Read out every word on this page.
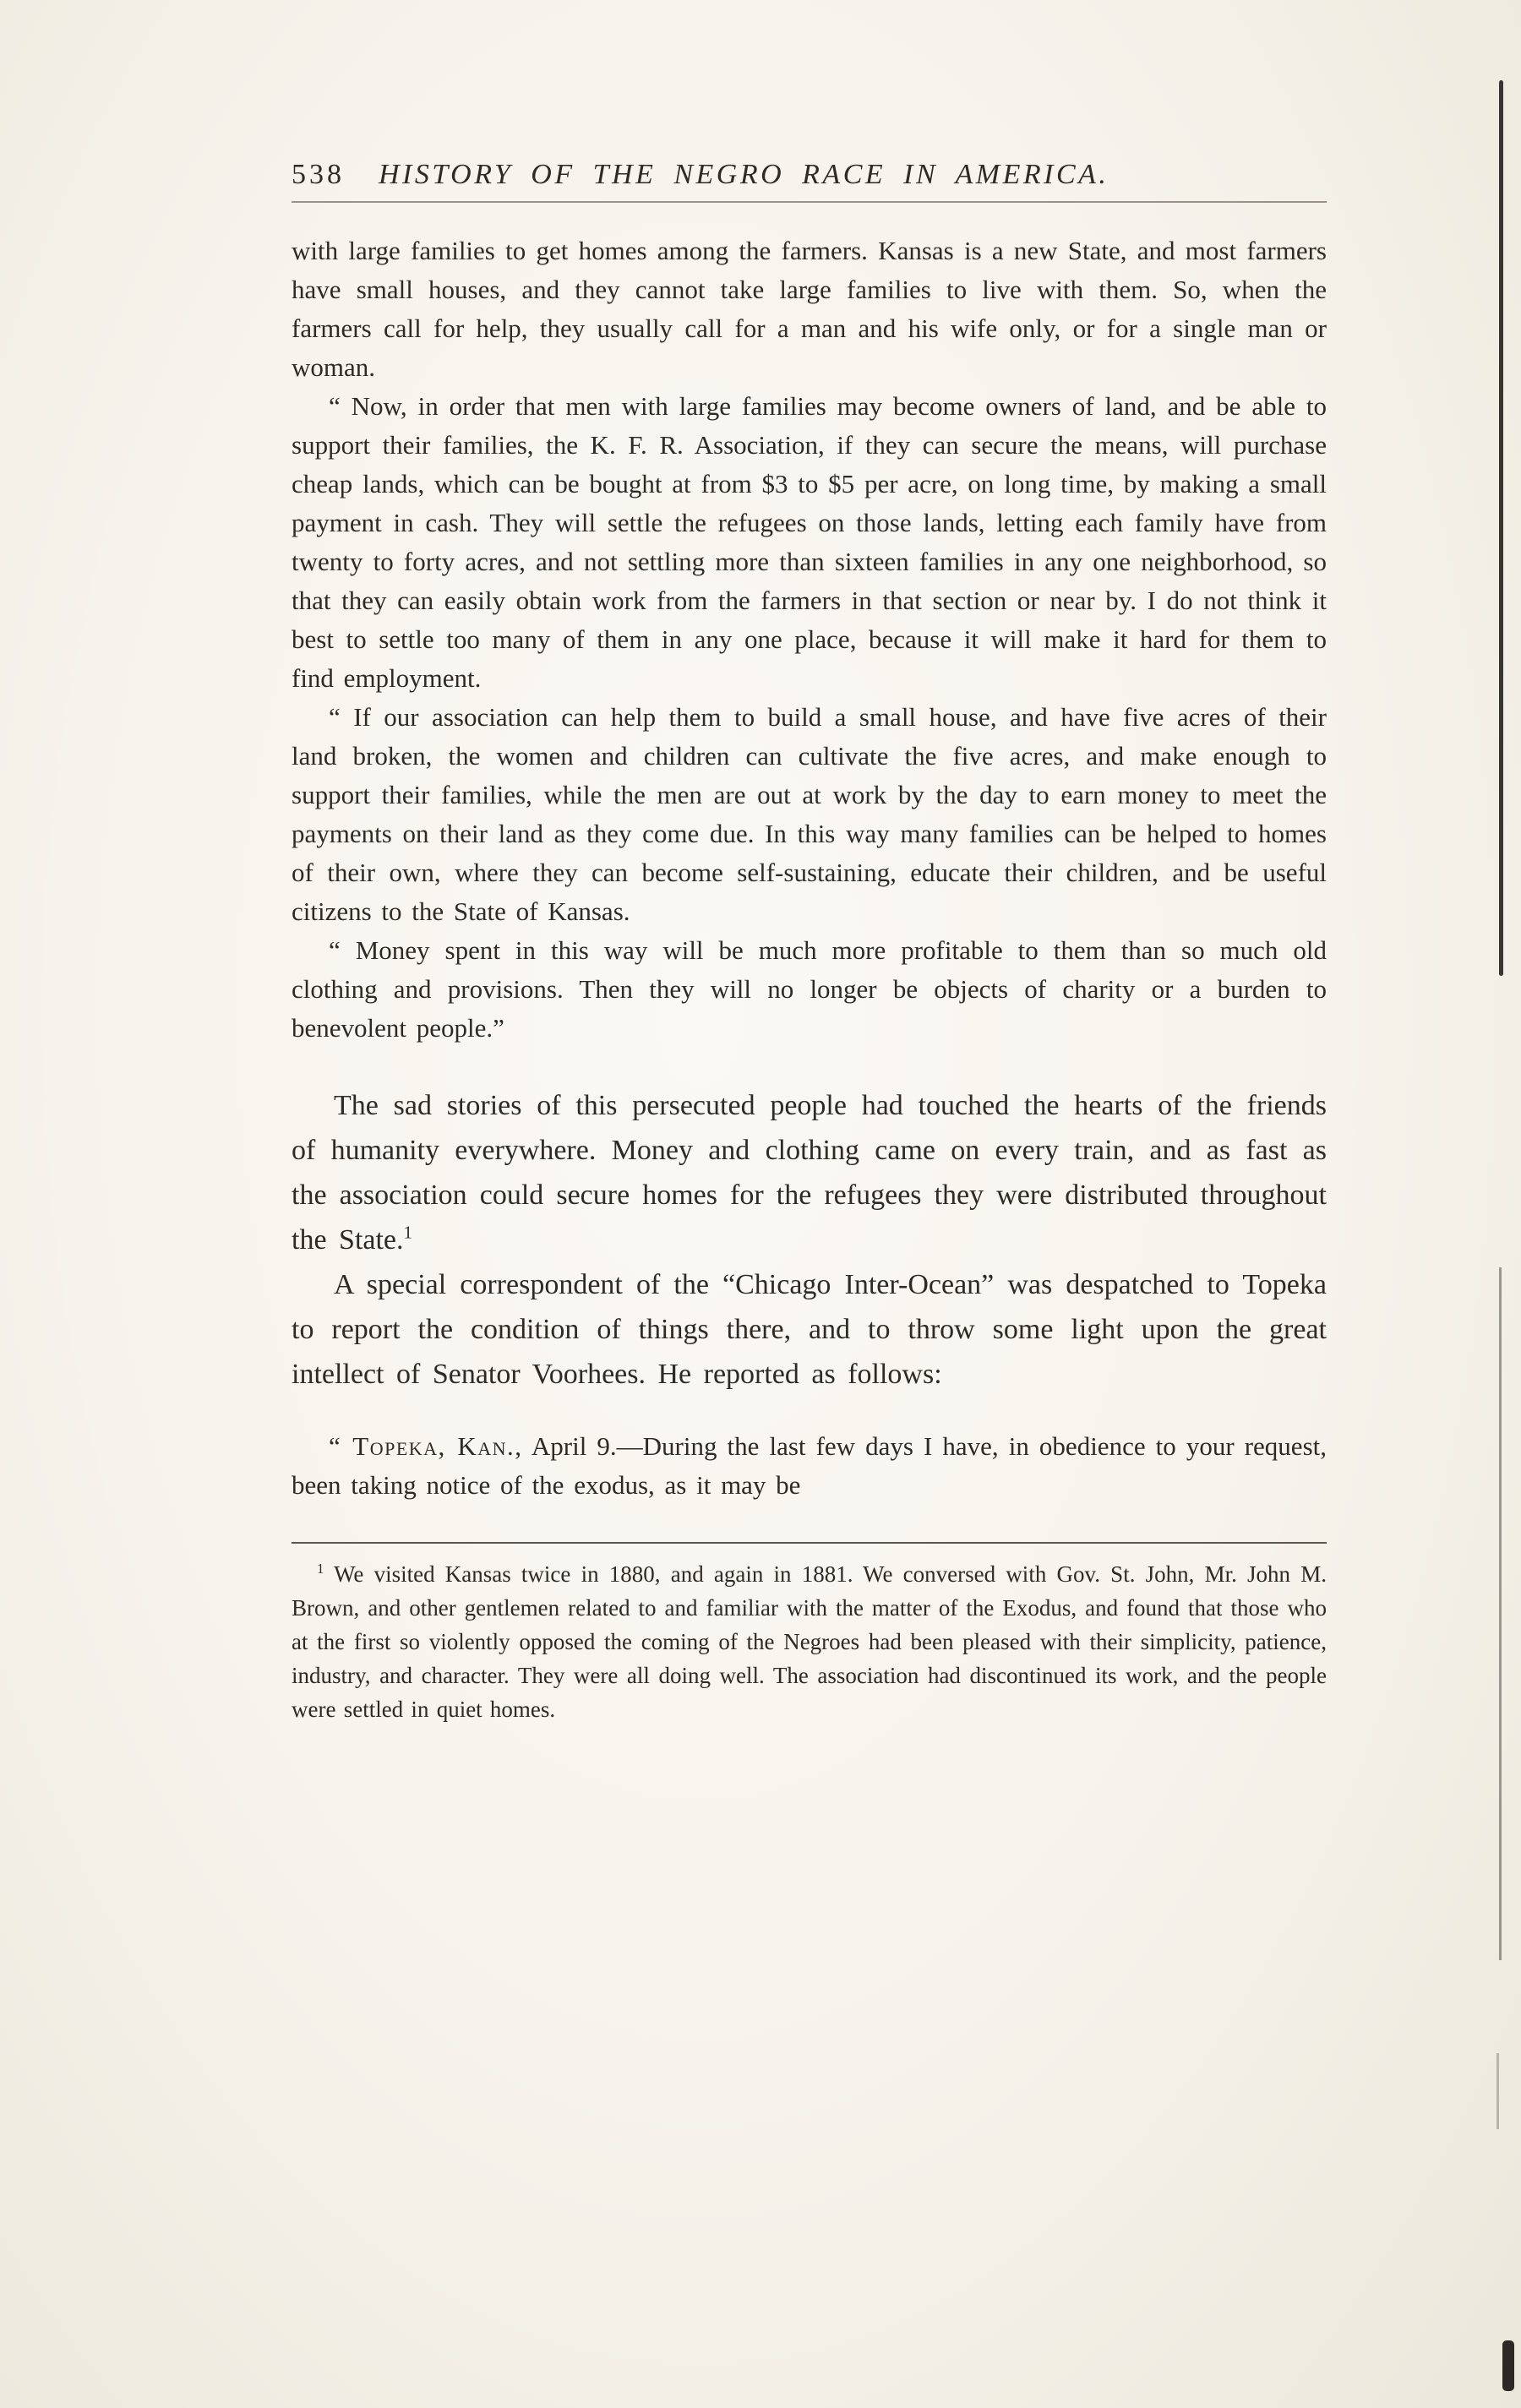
538 HISTORY OF THE NEGRO RACE IN AMERICA.

with large families to get homes among the farmers. Kansas is a new State, and most farmers have small houses, and they cannot take large families to live with them. So, when the farmers call for help, they usually call for a man and his wife only, or for a single man or woman.

“ Now, in order that men with large families may become owners of land, and be able to support their families, the K. F. R. Association, if they can secure the means, will purchase cheap lands, which can be bought at from $3 to $5 per acre, on long time, by making a small payment in cash. They will settle the refugees on those lands, letting each family have from twenty to forty acres, and not settling more than sixteen families in any one neighborhood, so that they can easily obtain work from the farmers in that section or near by. I do not think it best to settle too many of them in any one place, because it will make it hard for them to find employment.

“ If our association can help them to build a small house, and have five acres of their land broken, the women and children can cultivate the five acres, and make enough to support their families, while the men are out at work by the day to earn money to meet the payments on their land as they come due. In this way many families can be helped to homes of their own, where they can become self-sustaining, educate their children, and be useful citizens to the State of Kansas.

“ Money spent in this way will be much more profitable to them than so much old clothing and provisions. Then they will no longer be objects of charity or a burden to benevolent people.”

The sad stories of this persecuted people had touched the hearts of the friends of humanity everywhere. Money and clothing came on every train, and as fast as the association could secure homes for the refugees they were distributed throughout the State.$^1$

A special correspondent of the “Chicago Inter-Ocean” was despatched to Topeka to report the condition of things there, and to throw some light upon the great intellect of Senator Voorhees. He reported as follows:

“ Topeka, Kan., April 9.—During the last few days I have, in obedience to your request, been taking notice of the exodus, as it may be

$^1$ We visited Kansas twice in 1880, and again in 1881. We conversed with Gov. St. John, Mr. John M. Brown, and other gentlemen related to and familiar with the matter of the Exodus, and found that those who at the first so violently opposed the coming of the Negroes had been pleased with their simplicity, patience, industry, and character. They were all doing well. The association had discontinued its work, and the people were settled in quiet homes.
